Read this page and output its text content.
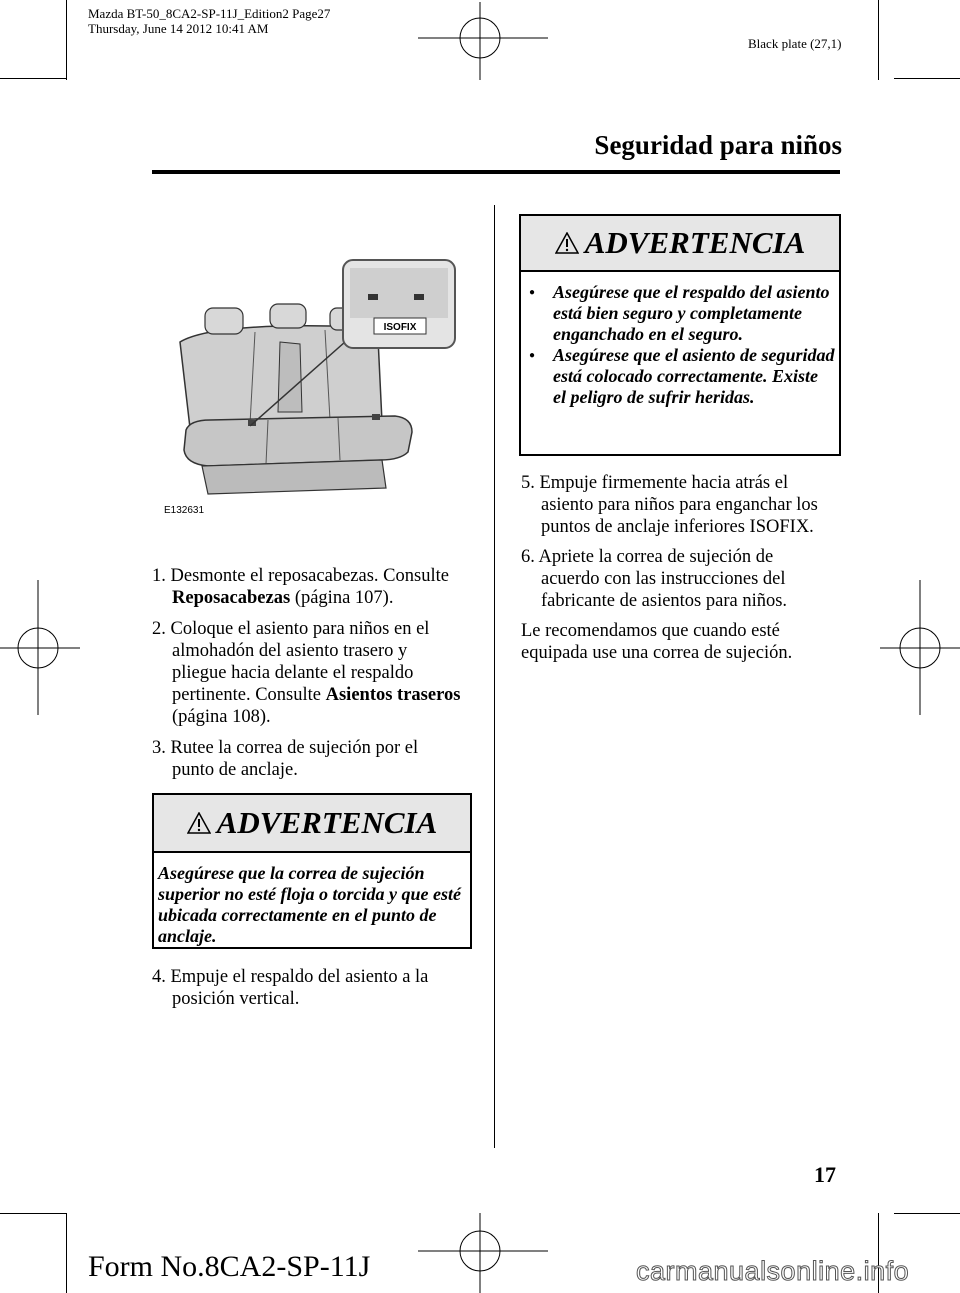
Mazda BT-50_8CA2-SP-11J_Edition2 Page27
Thursday, June 14 2012 10:41 AM
Black plate (27,1)
Seguridad para niños
ISOFIX
E132631

1. Desmonte el reposacabezas. Consulte

Reposacabezas (página 107).

2. Coloque el asiento para niños en el

almohadón del asiento trasero y

pliegue hacia delante el respaldo

pertinente. Consulte Asientos traseros

(página 108).

3. Rutee la correa de sujeción por el

punto de anclaje.

ADVERTENCIA
Asegúrese que la correa de sujeción superior no esté floja o torcida y que esté ubicada correctamente en el punto de anclaje.

4. Empuje el respaldo del asiento a la

posición vertical.

ADVERTENCIA
● Asegúrese que el respaldo del asiento está bien seguro y completamente enganchado en el seguro.
● Asegúrese que el asiento de seguridad está colocado correctamente. Existe el peligro de sufrir heridas.

5. Empuje firmemente hacia atrás el

asiento para niños para enganchar los

puntos de anclaje inferiores ISOFIX.

6. Apriete la correa de sujeción de

acuerdo con las instrucciones del

fabricante de asientos para niños.

Le recomendamos que cuando esté

equipada use una correa de sujeción.

17
Form No.8CA2-SP-11J	carmanualsonline.info
